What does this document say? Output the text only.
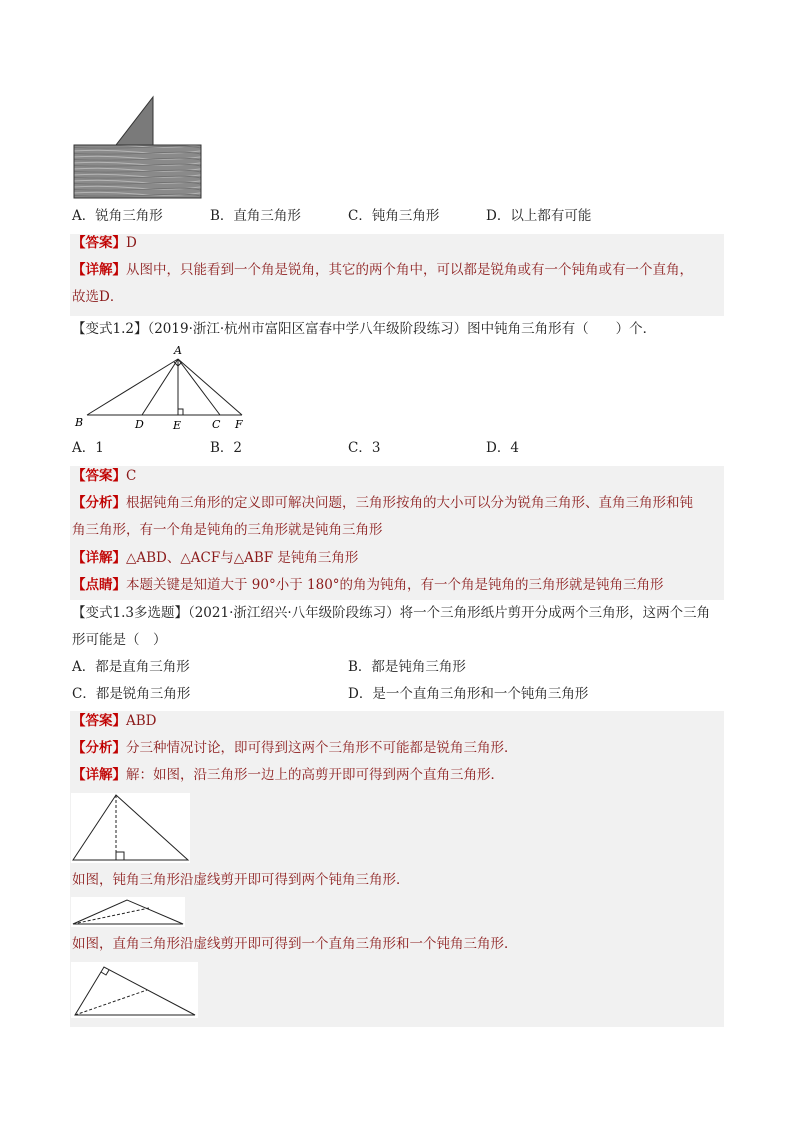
A．锐角三角形	B．直角三角形	C．钝角三角形	D．以上都有可能
【答案】D
【详解】从图中，只能看到一个角是锐角，其它的两个角中，可以都是锐角或有一个钝角或有一个直角，
故选D．
【变式1.2】（2019·浙江·杭州市富阳区富春中学八年级阶段练习）图中钝角三角形有（　　）个．
A
B	D	E	C F
A．1	B．2	C．3	D．4
【答案】C
【分析】根据钝角三角形的定义即可解决问题，三角形按角的大小可以分为锐角三角形、直角三角形和钝
角三角形，有一个角是钝角的三角形就是钝角三角形
【详解】△ABD、△ACF与△ABF 是钝角三角形
【点睛】本题关键是知道大于 90°小于 180°的角为钝角，有一个角是钝角的三角形就是钝角三角形
【变式1.3多选题】（2021·浙江绍兴·八年级阶段练习）将一个三角形纸片剪开分成两个三角形，这两个三角
形可能是（　）
A．都是直角三角形	B．都是钝角三角形
C．都是锐角三角形	D．是一个直角三角形和一个钝角三角形
【答案】ABD
【分析】分三种情况讨论，即可得到这两个三角形不可能都是锐角三角形．
【详解】解：如图，沿三角形一边上的高剪开即可得到两个直角三角形．
如图，钝角三角形沿虚线剪开即可得到两个钝角三角形．
如图，直角三角形沿虚线剪开即可得到一个直角三角形和一个钝角三角形．
